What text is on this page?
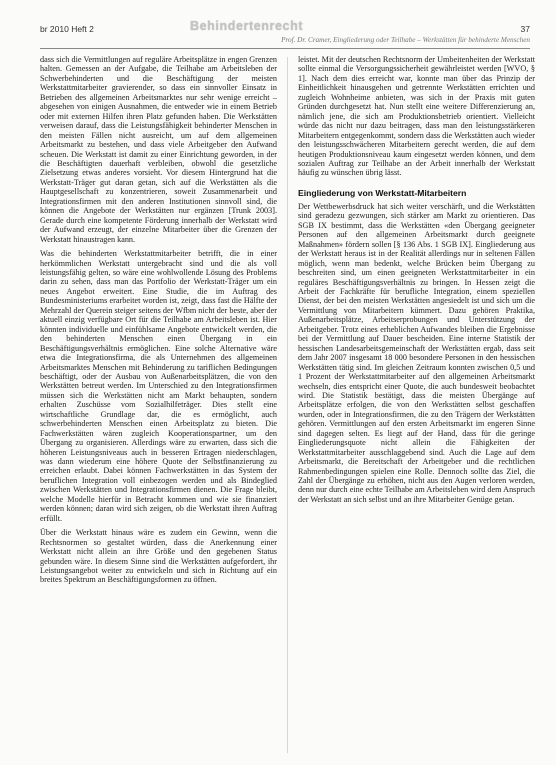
br 2010 Heft 2	Behindertenrecht	37
Prof. Dr. Cramer, Eingliederung oder Teilhabe – Werkstätten für behinderte Menschen

dass sich die Vermittlungen auf reguläre Arbeitsplätze in engen Grenzen halten. Gemessen an der Aufgabe, die Teilhabe am Arbeitsleben der Schwerbehinderten und die Beschäftigung der meisten Werkstattmitarbeiter gravierender, so dass ein sinnvoller Einsatz in Betrieben des allgemeinen Arbeitsmarktes nur sehr wenige erreicht – abgesehen von einigen Ausnahmen, die entweder wie in einem Betrieb oder mit externen Hilfen ihren Platz gefunden haben. Die Werkstätten verweisen darauf, dass die Leistungsfähigkeit behinderter Menschen in den meisten Fällen nicht ausreicht, um auf dem allgemeinen Arbeitsmarkt zu bestehen, und dass viele Arbeitgeber den Aufwand scheuen. Die Werkstatt ist damit zu einer Einrichtung geworden, in der die Beschäftigten dauerhaft verbleiben, obwohl die gesetzliche Zielsetzung etwas anderes vorsieht. Vor diesem Hintergrund hat die Werkstatt-Träger gut daran getan, sich auf die Werkstätten als die Hauptgesellschaft zu konzentrieren, soweit Zusammenarbeit und Integrationsfirmen mit den anderen Institutionen sinnvoll sind, die können die Angebote der Werkstätten nur ergänzen [Trunk 2003]. Gerade durch eine kompetente Förderung innerhalb der Werkstatt wird der Aufwand erzeugt, der einzelne Mitarbeiter über die Grenzen der Werkstatt hinaustragen kann.

Was die behinderten Werkstattmitarbeiter betrifft, die in einer herkömmlichen Werkstatt untergebracht sind und die als voll leistungsfähig gelten, so wäre eine wohlwollende Lösung des Problems darin zu sehen, dass man das Portfolio der Werkstatt-Träger um ein neues Angebot erweitert. Eine Studie, die im Auftrag des Bundesministeriums erarbeitet worden ist, zeigt, dass fast die Hälfte der Mehrzahl der Querein steiger seitens der Wfbm nicht der beste, aber der aktuell einzig verfügbare Ort für die Teilhabe am Arbeitsleben ist. Hier könnten individuelle und einfühlsame Angebote entwickelt werden, die den behinderten Menschen einen Übergang in ein Beschäftigungsverhältnis ermöglichen. Eine solche Alternative wäre etwa die Integrationsfirma, die als Unternehmen des allgemeinen Arbeitsmarktes Menschen mit Behinderung zu tariflichen Bedingungen beschäftigt, oder der Ausbau von Außenarbeitsplätzen, die von den Werkstätten betreut werden. Im Unterschied zu den Integrationsfirmen müssen sich die Werkstätten nicht am Markt behaupten, sondern erhalten Zuschüsse vom Sozialhilfeträger. Dies stellt eine wirtschaftliche Grundlage dar, die es ermöglicht, auch schwerbehinderten Menschen einen Arbeitsplatz zu bieten. Die Fachwerkstätten wären zugleich Kooperationspartner, um den Übergang zu organisieren. Allerdings wäre zu erwarten, dass sich die höheren Leistungsniveaus auch in besseren Ertragen niederschlagen, was dann wiederum eine höhere Quote der Selbstfinanzierung zu erreichen erlaubt. Dabei können Fachwerkstätten in das System der beruflichen Integration voll einbezogen werden und als Bindeglied zwischen Werkstätten und Integrationsfirmen dienen. Die Frage bleibt, welche Modelle hierfür in Betracht kommen und wie sie finanziert werden können; daran wird sich zeigen, ob die Werkstatt ihren Auftrag erfüllt.

Über die Werkstatt hinaus wäre es zudem ein Gewinn, wenn die Rechtsnormen so gestaltet würden, dass die Anerkennung einer Werkstatt nicht allein an ihre Größe und den gegebenen Status gebunden wäre. In diesem Sinne sind die Werkstätten aufgefordert, ihr Leistungsangebot weiter zu entwickeln und sich in Richtung auf ein breites Spektrum an Beschäftigungsformen zu öffnen.

leistet. Mit der deutschen Rechtsnorm der Umbeitenheiten der Werkstatt sollte einmal die Versorgungssicherheit gewährleistet werden [WVO, § 1]. Nach dem dies erreicht war, konnte man über das Prinzip der Einheitlichkeit hinausgehen und getrennte Werkstätten errichten und zugleich Wohnheime anbieten, was sich in der Praxis mit guten Gründen durchgesetzt hat. Nun stellt eine weitere Differenzierung an, nämlich jene, die sich am Produktionsbetrieb orientiert. Vielleicht würde das nicht nur dazu beitragen, dass man den leistungsstärkeren Mitarbeitern entgegenkommt, sondern dass die Werkstätten auch wieder den leistungsschwächeren Mitarbeitern gerecht werden, die auf dem heutigen Produktionsniveau kaum eingesetzt werden können, und dem sozialen Auftrag zur Teilhabe an der Arbeit innerhalb der Werkstatt häufig zu wünschen übrig lässt.

Eingliederung von Werkstatt-Mitarbeitern

Der Wettbewerbsdruck hat sich weiter verschärft, und die Werkstätten sind geradezu gezwungen, sich stärker am Markt zu orientieren. Das SGB IX bestimmt, dass die Werkstätten «den Übergang geeigneter Personen auf den allgemeinen Arbeitsmarkt durch geeignete Maßnahmen» fördern sollen [§ 136 Abs. 1 SGB IX]. Eingliederung aus der Werkstatt heraus ist in der Realität allerdings nur in seltenen Fällen möglich, wenn man bedenkt, welche Brücken beim Übergang zu beschreiten sind, um einen geeigneten Werkstattmitarbeiter in ein reguläres Beschäftigungsverhältnis zu bringen. In Hessen zeigt die Arbeit der Fachkräfte für berufliche Integration, einem speziellen Dienst, der bei den meisten Werkstätten angesiedelt ist und sich um die Vermittlung von Mitarbeitern kümmert. Dazu gehören Praktika, Außenarbeitsplätze, Arbeitserprobungen und Unterstützung der Arbeitgeber. Trotz eines erheblichen Aufwandes bleiben die Ergebnisse bei der Vermittlung auf Dauer bescheiden. Eine interne Statistik der hessischen Landesarbeitsgemeinschaft der Werkstätten ergab, dass seit dem Jahr 2007 insgesamt 18 000 besondere Personen in den hessischen Werkstätten tätig sind. Im gleichen Zeitraum konnten zwischen 0,5 und 1 Prozent der Werkstattmitarbeiter auf den allgemeinen Arbeitsmarkt wechseln, dies entspricht einer Quote, die auch bundesweit beobachtet wird. Die Statistik bestätigt, dass die meisten Übergänge auf Arbeitsplätze erfolgen, die von den Werkstätten selbst geschaffen wurden, oder in Integrationsfirmen, die zu den Trägern der Werkstätten gehören. Vermittlungen auf den ersten Arbeitsmarkt im engeren Sinne sind dagegen selten. Es liegt auf der Hand, dass für die geringe Eingliederungsquote nicht allein die Fähigkeiten der Werkstattmitarbeiter ausschlaggebend sind. Auch die Lage auf dem Arbeitsmarkt, die Bereitschaft der Arbeitgeber und die rechtlichen Rahmenbedingungen spielen eine Rolle. Dennoch sollte das Ziel, die Zahl der Übergänge zu erhöhen, nicht aus den Augen verloren werden, denn nur durch eine echte Teilhabe am Arbeitsleben wird dem Anspruch der Werkstatt an sich selbst und an ihre Mitarbeiter Genüge getan.
